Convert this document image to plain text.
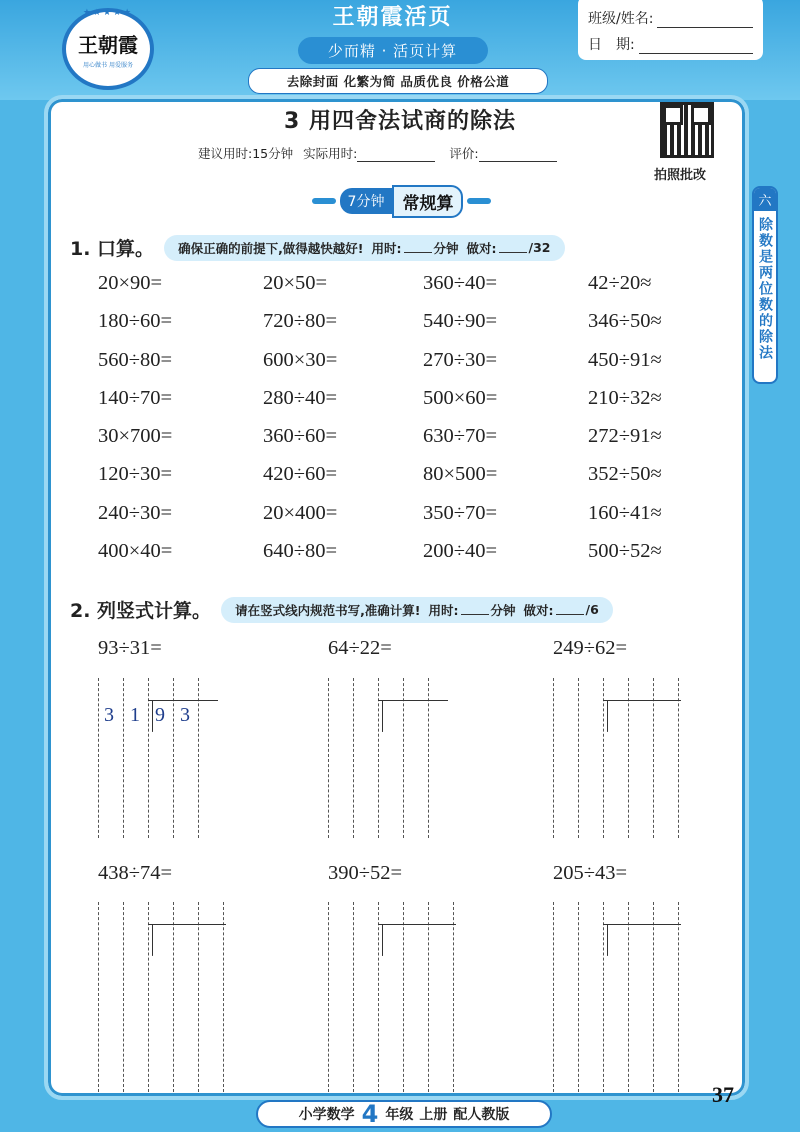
★★★★★
王朝霞
用心做书 用爱服务
王朝霞活页
少而精 · 活页计算
班级/姓名:
日　期:
去除封面 化繁为简 品质优良 价格公道
六
除数是两位数的除法
3 用四舍法试商的除法
建议用时:15分钟 实际用时:	评价:
拍照批改
7分钟	常规算
1. 口算。 确保正确的前提下,做得越快越好! 用时:	分钟 做对:	/32
20×90=	20×50=	360÷40=	42÷20≈
180÷60=	720÷80=	540÷90=	346÷50≈
560÷80=	600×30=	270÷30=	450÷91≈
140÷70=	280÷40=	500×60=	210÷32≈
30×700=	360÷60=	630÷70=	272÷91≈
120÷30=	420÷60=	80×500=	352÷50≈
240÷30=	20×400=	350÷70=	160÷41≈
400×40=	640÷80=	200÷40=	500÷52≈
2. 列竖式计算。 请在竖式线内规范书写,准确计算! 用时:	分钟 做对:	/6
93÷31=	64÷22=	249÷62=
3 1 9 3
438÷74=	390÷52=	205÷43=
小学数学 4 年级 上册 配人教版
37
